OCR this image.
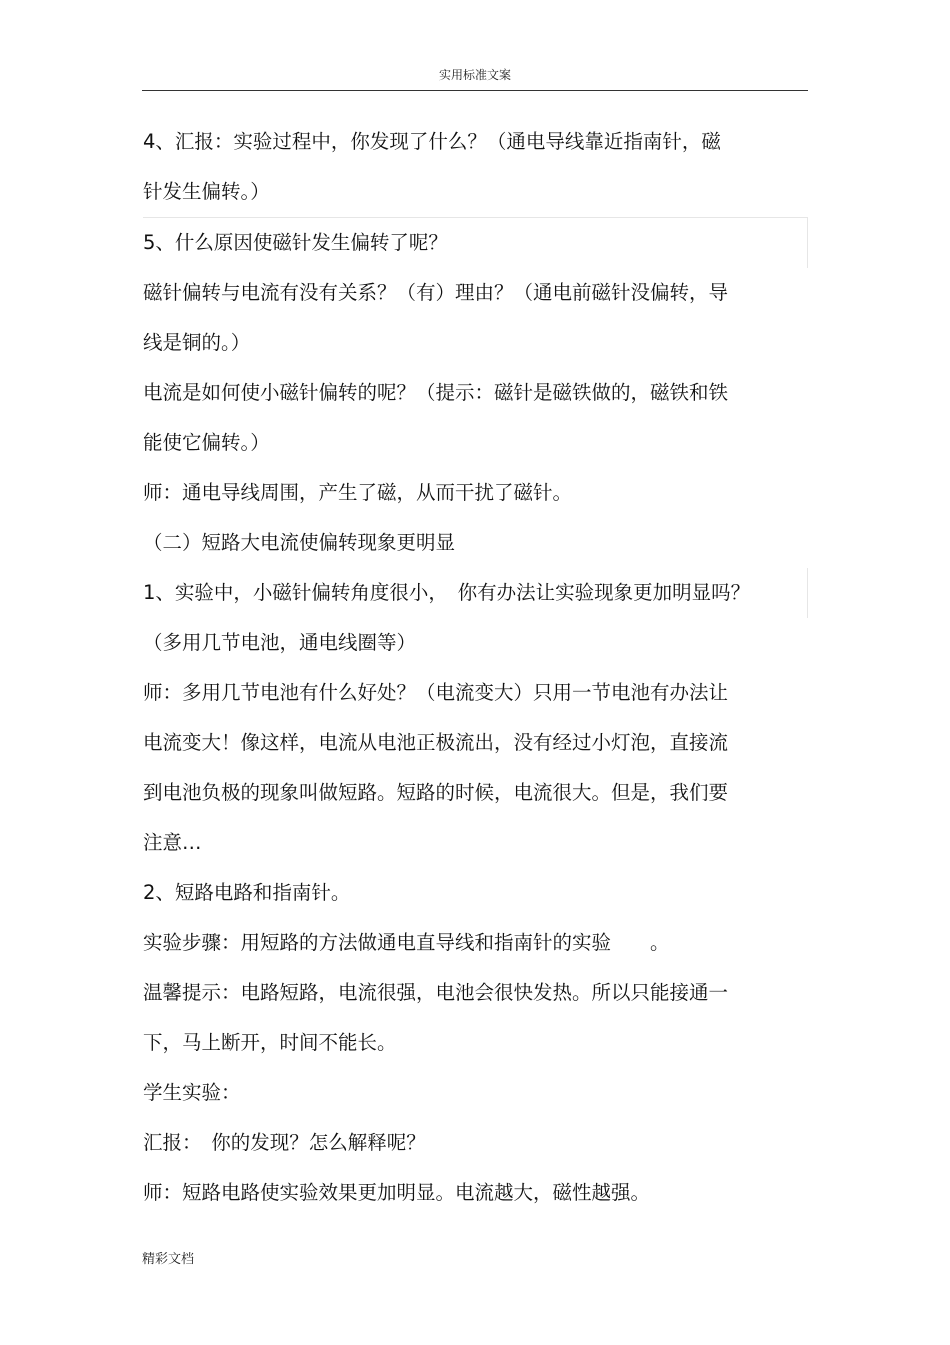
实用标准文案
4、汇报：实验过程中，你发现了什么？（通电导线靠近指南针，磁
针发生偏转。）
5、什么原因使磁针发生偏转了呢？
磁针偏转与电流有没有关系？（有）理由？（通电前磁针没偏转，导
线是铜的。）
电流是如何使小磁针偏转的呢？（提示：磁针是磁铁做的，磁铁和铁
能使它偏转。）
师：通电导线周围，产生了磁，从而干扰了磁针。
（二）短路大电流使偏转现象更明显
1、实验中，小磁针偏转角度很小，　你有办法让实验现象更加明显吗？
（多用几节电池，通电线圈等）
师：多用几节电池有什么好处？（电流变大）只用一节电池有办法让
电流变大！像这样，电流从电池正极流出，没有经过小灯泡，直接流
到电池负极的现象叫做短路。短路的时候，电流很大。但是，我们要
注意…
2、短路电路和指南针。
实验步骤：用短路的方法做通电直导线和指南针的实验　　。
温馨提示：电路短路，电流很强，电池会很快发热。所以只能接通一
下，马上断开，时间不能长。
学生实验：
汇报：　你的发现？怎么解释呢？
师：短路电路使实验效果更加明显。电流越大，磁性越强。
精彩文档
